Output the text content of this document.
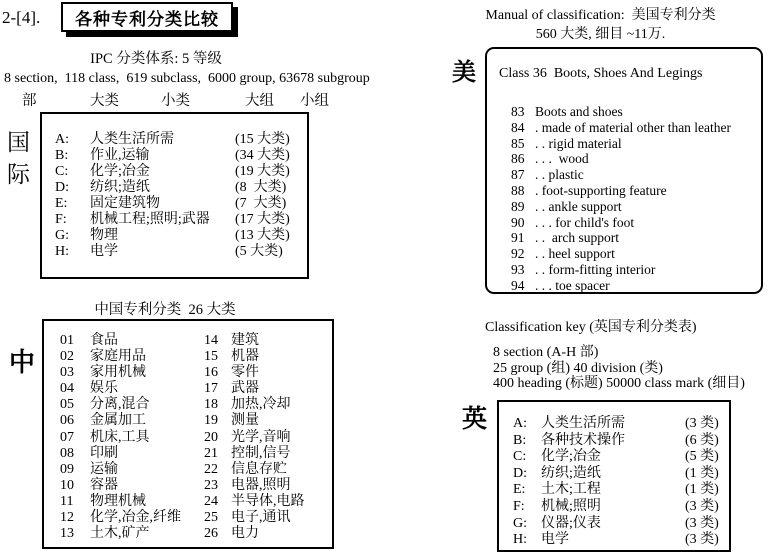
2-[4]. 各种专利分类比较
IPC 分类体系: 5 等级
8 section,  118 class,  619 subclass,  6000 group, 63678 subgroup
部	大类	小类	大组 小组
国际
A:	人类生活所需	(15 大类)
B:	作业,运输	(34 大类)
C:	化学;冶金	(19 大类)
D:	纺织;造纸	(8  大类)
E:	固定建筑物	(7  大类)
F:	机械工程;照明;武器	(17 大类)
G:	物理	(13 大类)
H:	电学	(5 大类)
中国专利分类  26 大类
中
01	食品
02	家庭用品
03	家用机械
04	娱乐
05	分离,混合
06	金属加工
07	机床,工具
08	印刷
09	运输
10	容器
11	物理机械
12	化学,冶金,纤维
13	土木,矿产
14 建筑
15 机器
16 零件
17 武器
18 加热,冷却
19 测量
20 光学,音响
21 控制,信号
22 信息存贮
23 电器,照明
24 半导体,电路
25 电子,通讯
26 电力
Manual of classification:  美国专利分类
560 大类, 细目 ~11万.
美 Class 36  Boots, Shoes And Legings
83 Boots and shoes
84 . made of material other than leather
85 . . rigid material
86 . . .  wood
87 . . plastic
88 . foot-supporting feature
89 . . ankle support
90 . . . for child's foot
91 . .  arch support
92 . . heel support
93 . . form-fitting interior
94 . . . toe spacer
Classification key (英国专利分类表)
8 section (A-H 部)
25 group (组) 40 division (类)
400 heading (标题) 50000 class mark (细目)
英 A:	人类生活所需	(3 类)
B:	各种技术操作	(6 类)
C:	化学;冶金	(5 类)
D:	纺织;造纸	(1 类)
E:	土木;工程	(1 类)
F:	机械;照明	(3 类)
G:	仪器;仪表	(3 类)
H:	电学	(3 类)
